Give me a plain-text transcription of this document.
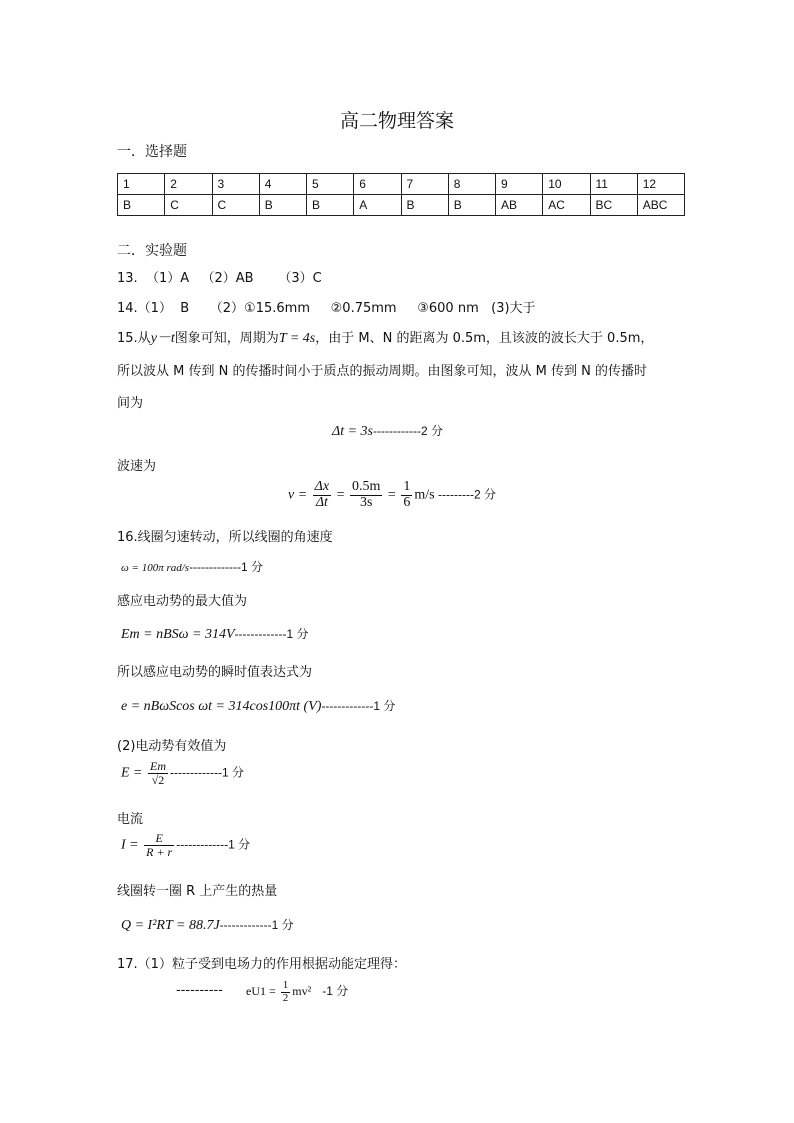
高二物理答案
一．选择题
1	2	3	4	5	6	7	8	9	10	11	12
B	C	C	B	B	A	B	B	AB	AC	BC	ABC
二．实验题
13.  （1）A   （2）AB      （3）C
14.（1）  B     （2）①15.6mm     ②0.75mm     ③600 nm   (3)大于
15.从y－t图象可知，周期为T = 4s，由于 M、N 的距离为 0.5m，且该波的波长大于 0.5m，
所以波从 M 传到 N 的传播时间小于质点的振动周期。由图象可知，波从 M 传到 N 的传播时
间为
Δt = 3s------------2 分
波速为
$v = \frac{\Delta x}{\Delta t} = \frac{0.5m}{3s} = \frac{1}{6} m/s$ ---------2 分
16.线圈匀速转动，所以线圈的角速度
ω = 100π rad/s-------------1 分
感应电动势的最大值为
Em = nBSω = 314V-------------1 分
所以感应电动势的瞬时值表达式为
e = nBωScos ωt = 314cos100πt (V)-------------1 分
(2)电动势有效值为
$E = \frac{Em}{√2} -------------1$ 分
电流
$I = \frac{E}{R + r} -------------1$ 分
线圈转一圈 R 上产生的热量
Q = I²RT = 88.7J-------------1 分
17.（1）粒子受到电场力的作用根据动能定理得：
---------- $eU1 = \frac{1}{2} mv^2$ -1 分
